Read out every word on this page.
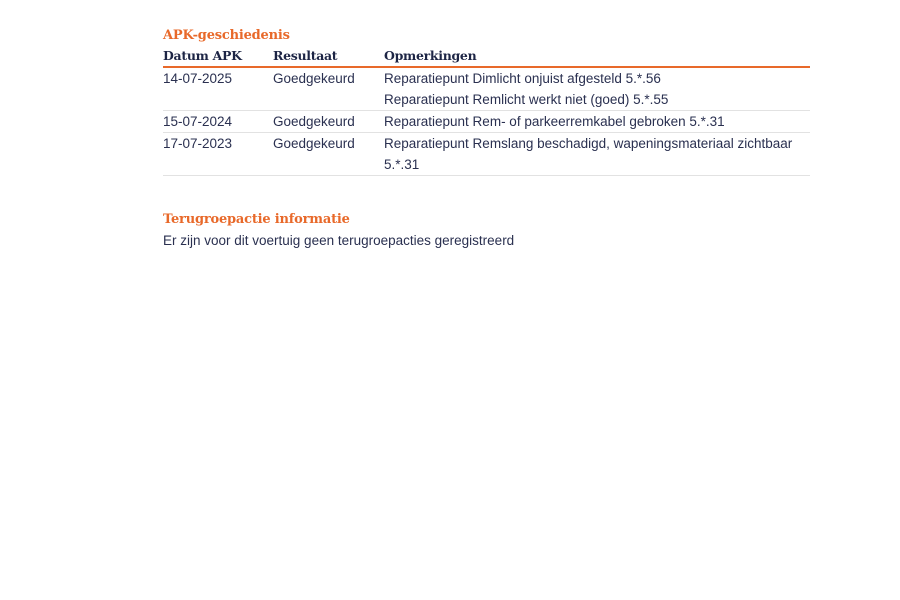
APK-geschiedenis
Datum APK	Resultaat	Opmerkingen
14-07-2025	Goedgekeurd	Reparatiepunt Dimlicht onjuist afgesteld 5.*.56
Reparatiepunt Remlicht werkt niet (goed) 5.*.55

15-07-2024	Goedgekeurd	Reparatiepunt Rem- of parkeerremkabel gebroken 5.*.31

17-07-2023	Goedgekeurd	Reparatiepunt Remslang beschadigd, wapeningsmateriaal zichtbaar 5.*.31
Terugroepactie informatie
Er zijn voor dit voertuig geen terugroepacties geregistreerd
